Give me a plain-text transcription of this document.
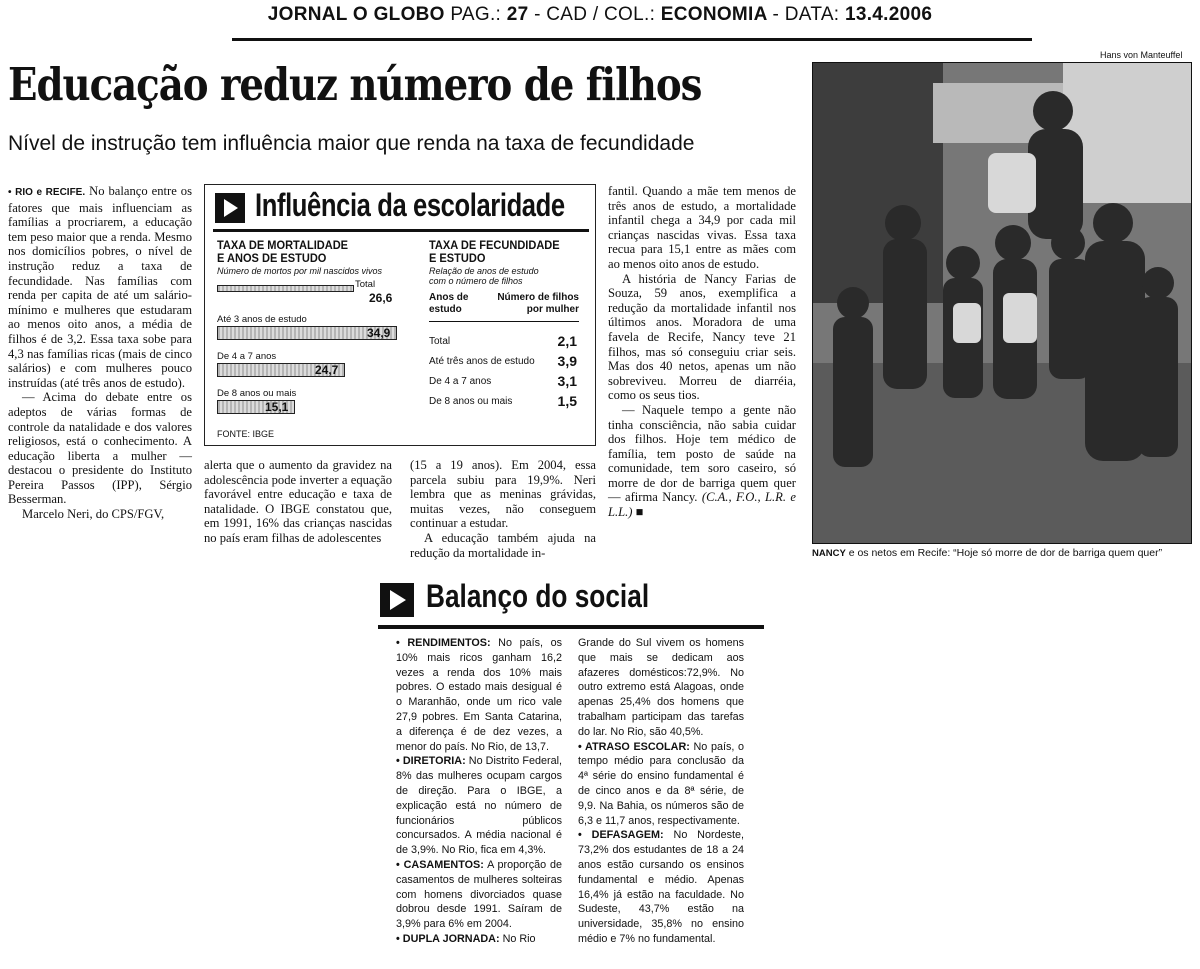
JORNAL O GLOBO PAG.: 27 - CAD / COL.: ECONOMIA - DATA: 13.4.2006
Educação reduz número de filhos
Nível de instrução tem influência maior que renda na taxa de fecundidade

• RIO e RECIFE. No balanço entre os fatores que mais influenciam as famílias a procriarem, a educação tem peso maior que a renda. Mesmo nos domicílios pobres, o nível de instrução reduz a taxa de fecundidade. Nas famílias com renda per capita de até um salário-mínimo e mulheres que estudaram ao menos oito anos, a média de filhos é de 3,2. Essa taxa sobe para 4,3 nas famílias ricas (mais de cinco salários) e com mulheres pouco instruídas (até três anos de estudo).

— Acima do debate entre os adeptos de várias formas de controle da natalidade e dos valores religiosos, está o conhecimento. A educação liberta a mulher — destacou o presidente do Instituto Pereira Passos (IPP), Sérgio Besserman.

Marcelo Neri, do CPS/FGV,

Influência da escolaridade
TAXA DE MORTALIDADE
E ANOS DE ESTUDO
Número de mortos por mil nascidos vivos
Total
26,6
Até 3 anos de estudo
34,9
De 4 a 7 anos
24,7
De 8 anos ou mais
15,1
FONTE: IBGE
TAXA DE FECUNDIDADE
E ESTUDO
Relação de anos de estudo
com o número de filhos
Anos de
estudo
Número de filhos
por mulher
Total	2,1
Até três anos de estudo	3,9
De 4 a 7 anos	3,1
De 8 anos ou mais	1,5

alerta que o aumento da gravidez na adolescência pode inverter a equação favorável entre educação e taxa de natalidade. O IBGE constatou que, em 1991, 16% das crianças nascidas no país eram filhas de adolescentes

(15 a 19 anos). Em 2004, essa parcela subiu para 19,9%. Neri lembra que as meninas grávidas, muitas vezes, não conseguem continuar a estudar.

A educação também ajuda na redução da mortalidade in-

fantil. Quando a mãe tem menos de três anos de estudo, a mortalidade infantil chega a 34,9 por cada mil crianças nascidas vivas. Essa taxa recua para 15,1 entre as mães com ao menos oito anos de estudo.

A história de Nancy Farias de Souza, 59 anos, exemplifica a redução da mortalidade infantil nos últimos anos. Moradora de uma favela de Recife, Nancy teve 21 filhos, mas só conseguiu criar seis. Mas dos 40 netos, apenas um não sobreviveu. Morreu de diarréia, como os seus tios.

— Naquele tempo a gente não tinha consciência, não sabia cuidar dos filhos. Hoje tem médico de família, tem posto de saúde na comunidade, tem soro caseiro, só morre de dor de barriga quem quer — afirma Nancy. (C.A., F.O., L.R. e L.L.) ■

Hans von Manteuffel
NANCY e os netos em Recife: “Hoje só morre de dor de barriga quem quer”
Balanço do social

• RENDIMENTOS: No país, os 10% mais ricos ganham 16,2 vezes a renda dos 10% mais pobres. O estado mais desigual é o Maranhão, onde um rico vale 27,9 pobres. Em Santa Catarina, a diferença é de dez vezes, a menor do país. No Rio, de 13,7.

• DIRETORIA: No Distrito Federal, 8% das mulheres ocupam cargos de direção. Para o IBGE, a explicação está no número de funcionários públicos concursados. A média nacional é de 3,9%. No Rio, fica em 4,3%.

• CASAMENTOS: A proporção de casamentos de mulheres solteiras com homens divorciados quase dobrou desde 1991. Saíram de 3,9% para 6% em 2004.

• DUPLA JORNADA: No Rio

Grande do Sul vivem os homens que mais se dedicam aos afazeres domésticos:72,9%. No outro extremo está Alagoas, onde apenas 25,4% dos homens que trabalham participam das tarefas do lar. No Rio, são 40,5%.

• ATRASO ESCOLAR: No país, o tempo médio para conclusão da 4ª série do ensino fundamental é de cinco anos e da 8ª série, de 9,9. Na Bahia, os números são de 6,3 e 11,7 anos, respectivamente.

• DEFASAGEM: No Nordeste, 73,2% dos estudantes de 18 a 24 anos estão cursando os ensinos fundamental e médio. Apenas 16,4% já estão na faculdade. No Sudeste, 43,7% estão na universidade, 35,8% no ensino médio e 7% no fundamental.
